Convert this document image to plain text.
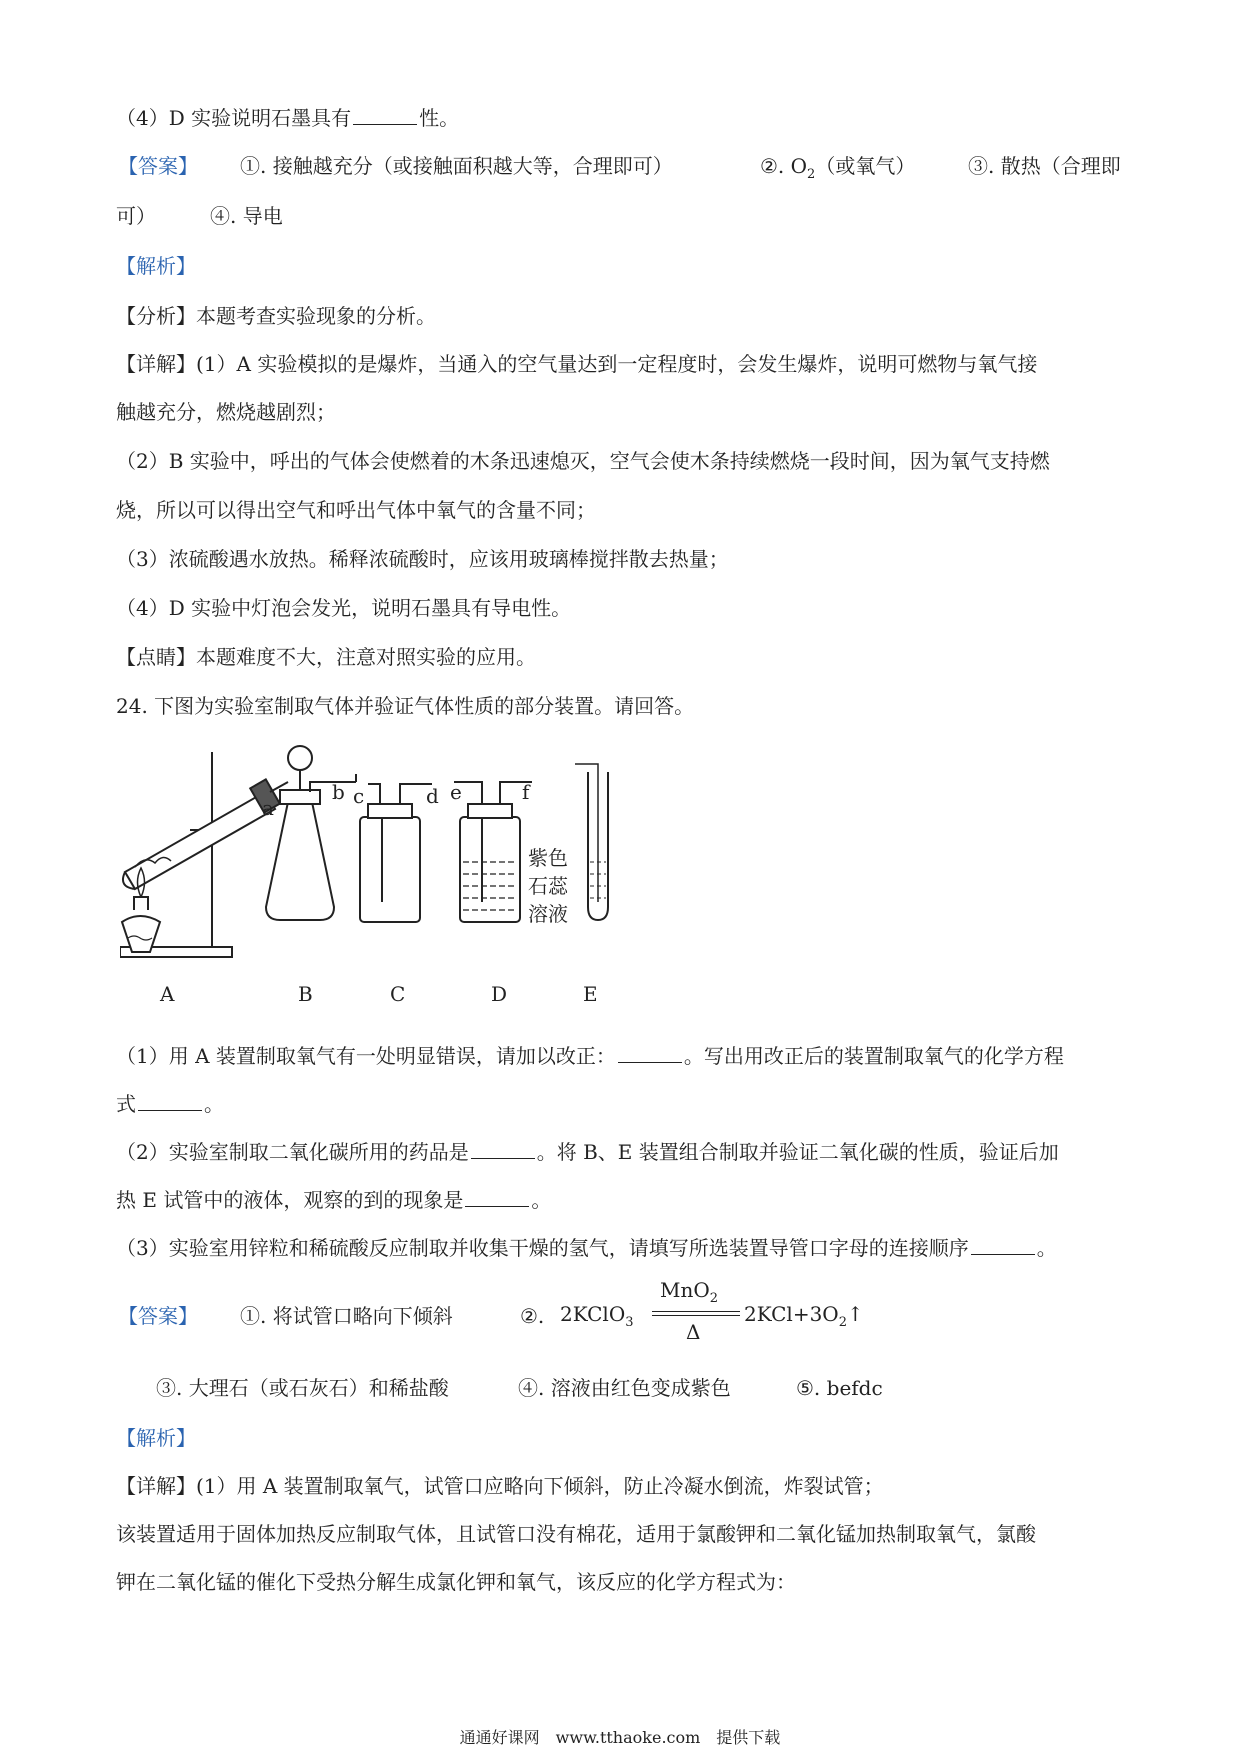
（4）D 实验说明石墨具有	性。
【答案】 ①. 接触越充分（或接触面积越大等，合理即可）	②. $O_2$（或氧气）	③. 散热（合理即
可）	④. 导电
【解析】
【分析】本题考查实验现象的分析。
【详解】(1）A 实验模拟的是爆炸，当通入的空气量达到一定程度时，会发生爆炸，说明可燃物与氧气接
触越充分，燃烧越剧烈；
（2）B 实验中，呼出的气体会使燃着的木条迅速熄灭，空气会使木条持续燃烧一段时间，因为氧气支持燃
烧，所以可以得出空气和呼出气体中氧气的含量不同；
（3）浓硫酸遇水放热。稀释浓硫酸时，应该用玻璃棒搅拌散去热量；
（4）D 实验中灯泡会发光，说明石墨具有导电性。
【点睛】本题难度不大，注意对照实验的应用。
24. 下图为实验室制取气体并验证气体性质的部分装置。请回答。
a
b c	d e	f
紫色
石蕊
溶液
A	B	C	D	E
（1）用 A 装置制取氧气有一处明显错误，请加以改正：	。写出用改正后的装置制取氧气的化学方程
式	。
（2）实验室制取二氧化碳所用的药品是	。将 B、E 装置组合制取并验证二氧化碳的性质，验证后加
热 E 试管中的液体，观察的到的现象是	。
（3）实验室用锌粒和稀硫酸反应制取并收集干燥的氢气，请填写所选装置导管口字母的连接顺序	。
【答案】 ①. 将试管口略向下倾斜	②. 2KClO$_3$
MnO$_2$
Δ
$2KCl+3O_2↑$
③. 大理石（或石灰石）和稀盐酸	④. 溶液由红色变成紫色	⑤. befdc
【解析】
【详解】(1）用 A 装置制取氧气，试管口应略向下倾斜，防止冷凝水倒流，炸裂试管；
该装置适用于固体加热反应制取气体，且试管口没有棉花，适用于氯酸钾和二氧化锰加热制取氧气，氯酸
钾在二氧化锰的催化下受热分解生成氯化钾和氧气，该反应的化学方程式为：
通通好课网　www.tthaoke.com　提供下载
